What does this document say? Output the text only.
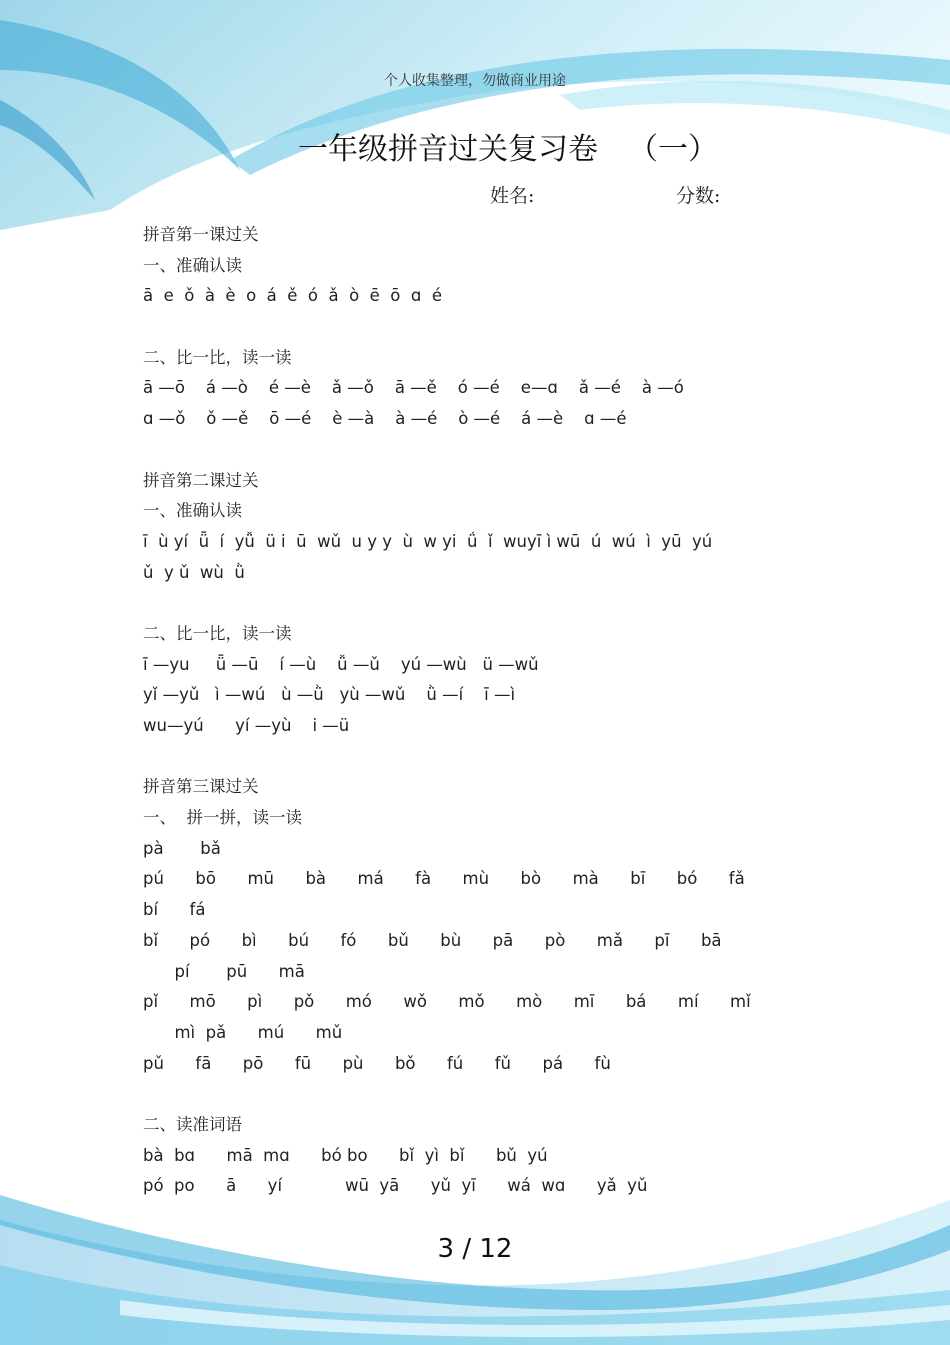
个人收集整理，勿做商业用途
一年级拼音过关复习卷 （一）
姓名:	分数:
拼音第一课过关
一、准确认读
ā  e  ǒ  à  è  o  á  ě  ó  ǎ  ò  ē  ō  ɑ  é
二、比一比，读一读
ā —ō    á —ò    é —è    ǎ —ǒ    ā —ě    ó —é    e—ɑ    ǎ —é    à —ó
ɑ —ǒ    ǒ —ě    ō —é    è —à    à —é    ò —é    á —è    ɑ —é
拼音第二课过关
一、准确认读
ī  ù yí  ǖ  í  yǚ  ü i  ū  wǔ  u y y  ù  w yi  ǘ  ǐ  wuyī ì wū  ú  wú  ì  yū  yú
ǔ  y ǔ  wù  ǜ
二、比一比，读一读
ī —yu     ǖ —ū    í —ù    ǚ —ǔ    yú —wù   ü —wǔ
yǐ —yǔ   ì —wú   ù —ǜ   yù —wǔ    ǜ —í    ī —ì
wu—yú      yí —yù    i —ü
拼音第三课过关
一、  拼一拼，读一读
pà       bǎ
pú      bō      mū      bà      má      fà      mù      bò      mà      bī      bó      fǎ
bí      fá
bǐ      pó      bì      bú      fó      bǔ      bù      pā      pò      mǎ      pī      bā
pí       pū      mā
pǐ      mō      pì      pǒ      mó      wǒ      mǒ      mò      mī      bá      mí      mǐ
mì  pǎ      mú      mǔ
pǔ      fā      pō      fū      pù      bǒ      fú      fǔ      pá      fù
二、读准词语
bà  bɑ      mā  mɑ      bó bo      bǐ  yì  bǐ      bǔ  yú
pó  po      ā      yí            wū  yā      yǔ  yī      wá  wɑ      yǎ  yǔ
3 / 12
